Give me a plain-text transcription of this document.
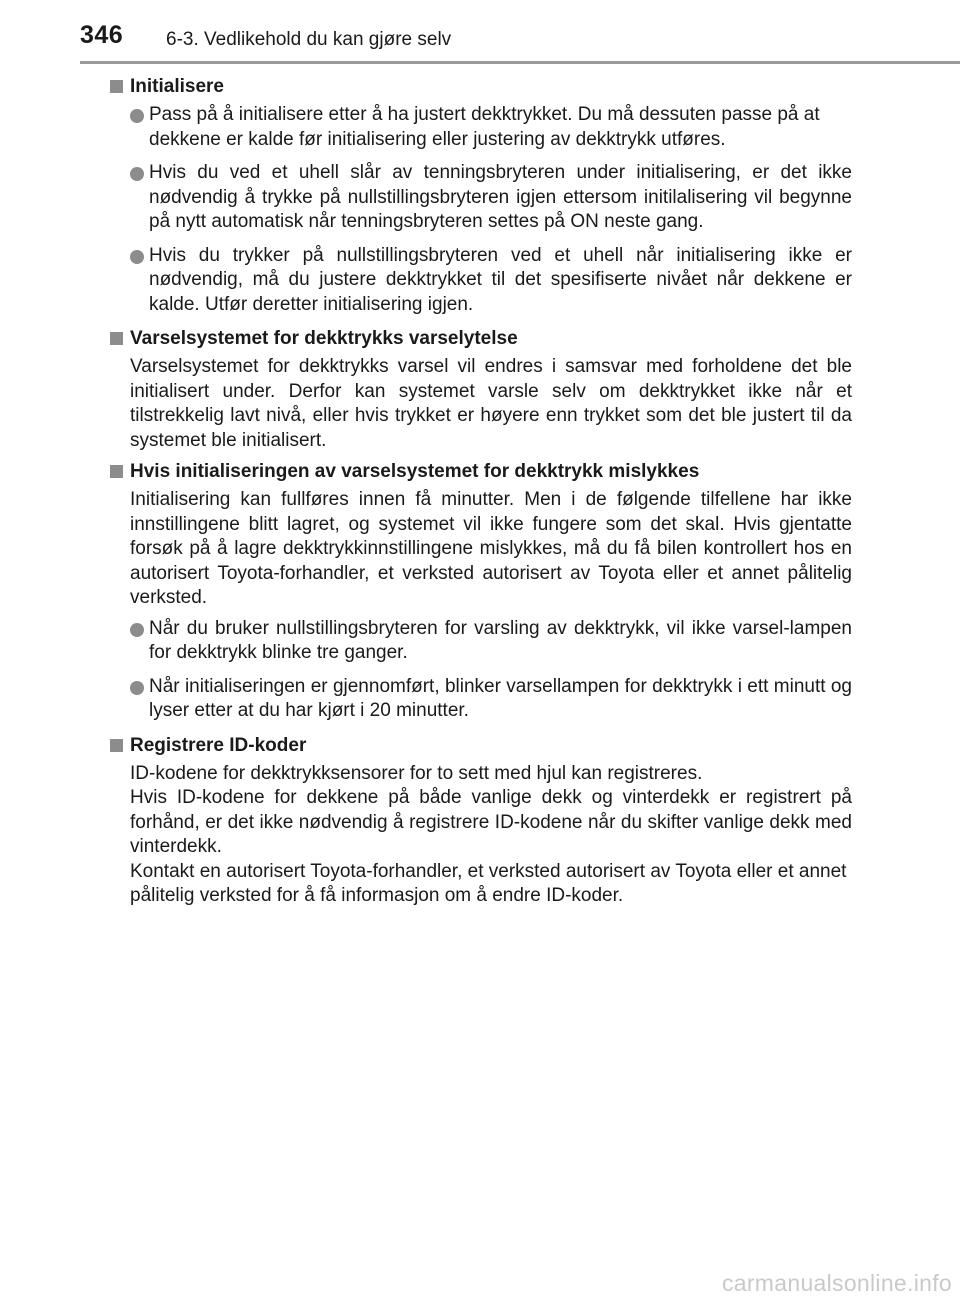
346 6-3. Vedlikehold du kan gjøre selv
Initialisere
Pass på å initialisere etter å ha justert dekktrykket. Du må dessuten passe på at dekkene er kalde før initialisering eller justering av dekktrykk utføres.
Hvis du ved et uhell slår av tenningsbryteren under initialisering, er det ikke nødvendig å trykke på nullstillingsbryteren igjen ettersom initilalisering vil begynne på nytt automatisk når tenningsbryteren settes på ON neste gang.
Hvis du trykker på nullstillingsbryteren ved et uhell når initialisering ikke er nødvendig, må du justere dekktrykket til det spesifiserte nivået når dekkene er kalde. Utfør deretter initialisering igjen.
Varselsystemet for dekktrykks varselytelse
Varselsystemet for dekktrykks varsel vil endres i samsvar med forholdene det ble initialisert under. Derfor kan systemet varsle selv om dekktrykket ikke når et tilstrekkelig lavt nivå, eller hvis trykket er høyere enn trykket som det ble justert til da systemet ble initialisert.
Hvis initialiseringen av varselsystemet for dekktrykk mislykkes
Initialisering kan fullføres innen få minutter. Men i de følgende tilfellene har ikke innstillingene blitt lagret, og systemet vil ikke fungere som det skal. Hvis gjentatte forsøk på å lagre dekktrykkinnstillingene mislykkes, må du få bilen kontrollert hos en autorisert Toyota-forhandler, et verksted autorisert av Toyota eller et annet pålitelig verksted.
Når du bruker nullstillingsbryteren for varsling av dekktrykk, vil ikke varsel-lampen for dekktrykk blinke tre ganger.
Når initialiseringen er gjennomført, blinker varsellampen for dekktrykk i ett minutt og lyser etter at du har kjørt i 20 minutter.
Registrere ID-koder
ID-kodene for dekktrykksensorer for to sett med hjul kan registreres.
Hvis ID-kodene for dekkene på både vanlige dekk og vinterdekk er registrert på forhånd, er det ikke nødvendig å registrere ID-kodene når du skifter vanlige dekk med vinterdekk.
Kontakt en autorisert Toyota-forhandler, et verksted autorisert av Toyota eller et annet pålitelig verksted for å få informasjon om å endre ID-koder.
carmanualsonline.info
